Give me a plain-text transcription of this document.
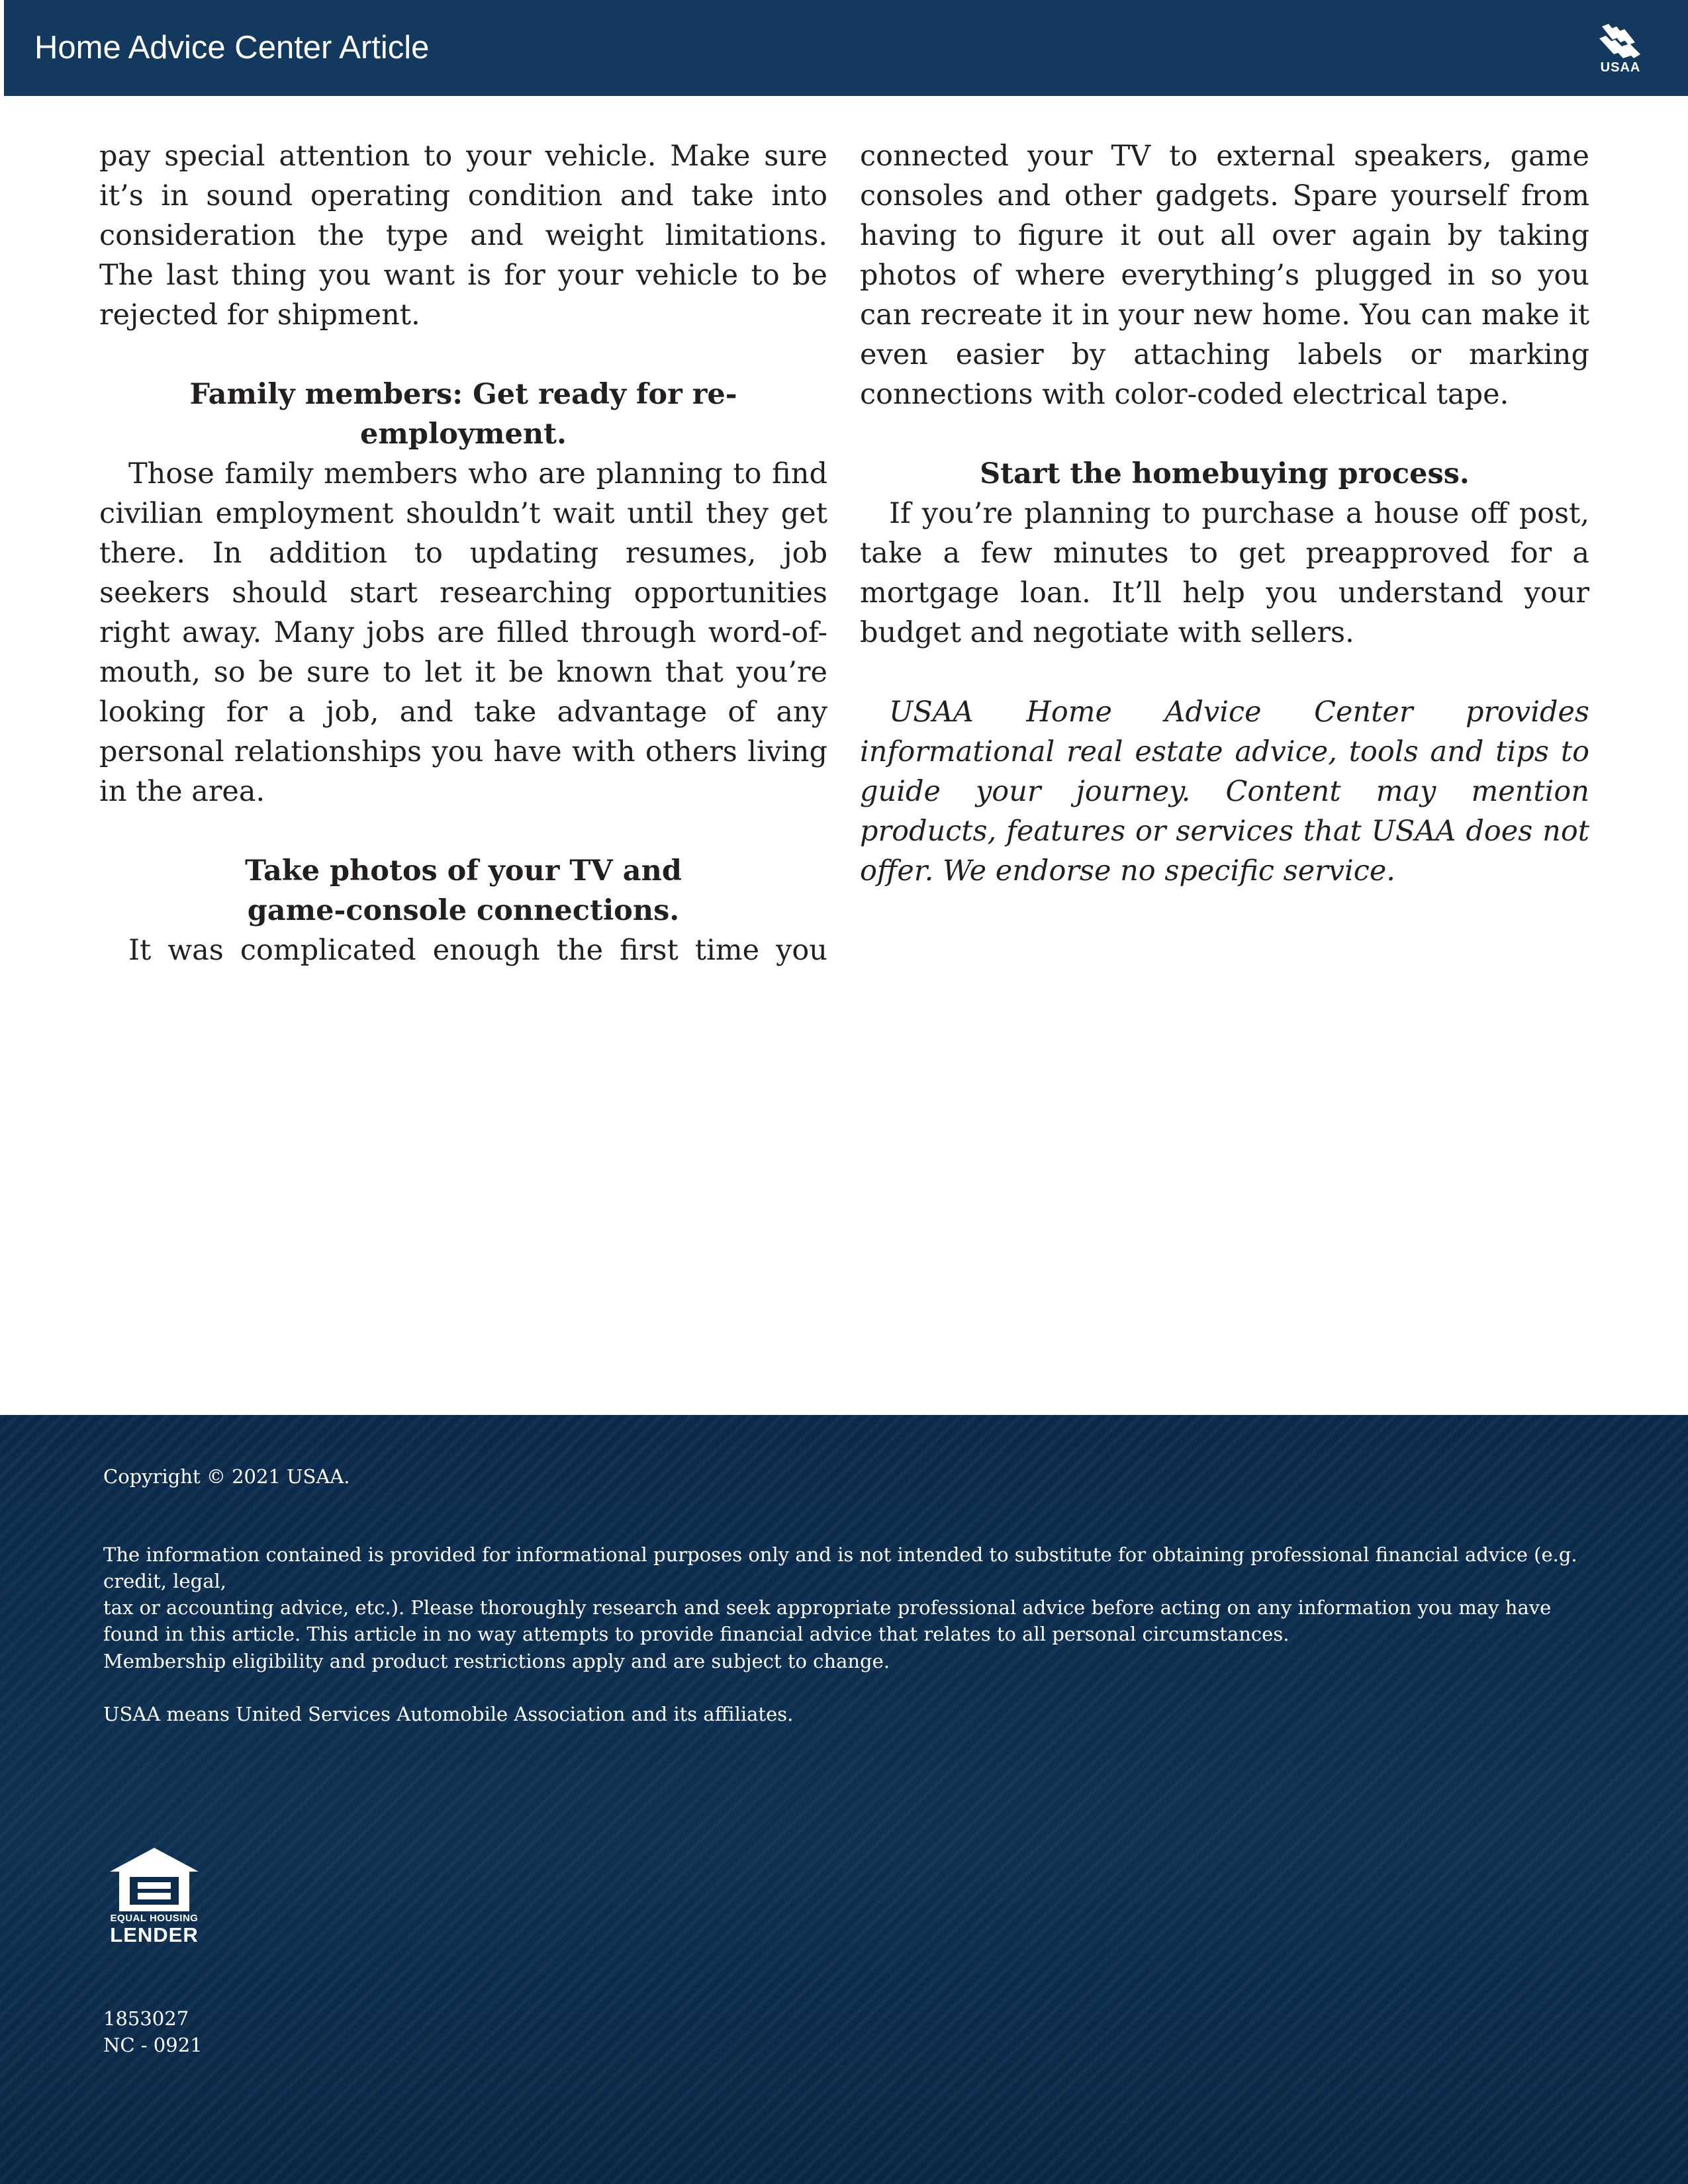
Home Advice Center Article
USAA

pay special attention to your vehicle. Make sure it’s in sound operating condition and take into consideration the type and weight limitations. The last thing you want is for your vehicle to be rejected for shipment.

Family members: Get ready for re-employment.

Those family members who are planning to find civilian employment shouldn’t wait until they get there. In addition to updating resumes, job seekers should start researching opportunities right away. Many jobs are filled through word-of-mouth, so be sure to let it be known that you’re looking for a job, and take advantage of any personal relationships you have with others living in the area.

Take photos of your TV and
game-console connections.

It was complicated enough the first time you

connected your TV to external speakers, game consoles and other gadgets. Spare yourself from having to figure it out all over again by taking photos of where everything’s plugged in so you can recreate it in your new home. You can make it even easier by attaching labels or marking connections with color-coded electrical tape.

Start the homebuying process.

If you’re planning to purchase a house off post, take a few minutes to get preapproved for a mortgage loan. It’ll help you understand your budget and negotiate with sellers.

USAA Home Advice Center provides informational real estate advice, tools and tips to guide your journey. Content may mention products, features or services that USAA does not offer. We endorse no specific service.

Copyright © 2021 USAA.
The information contained is provided for informational purposes only and is not intended to substitute for obtaining professional financial advice (e.g. credit, legal,
tax or accounting advice, etc.). Please thoroughly research and seek appropriate professional advice before acting on any information you may have
found in this article. This article in no way attempts to provide financial advice that relates to all personal circumstances.
Membership eligibility and product restrictions apply and are subject to change.
USAA means United Services Automobile Association and its affiliates.
EQUAL HOUSING
LENDER
1853027
NC - 0921
